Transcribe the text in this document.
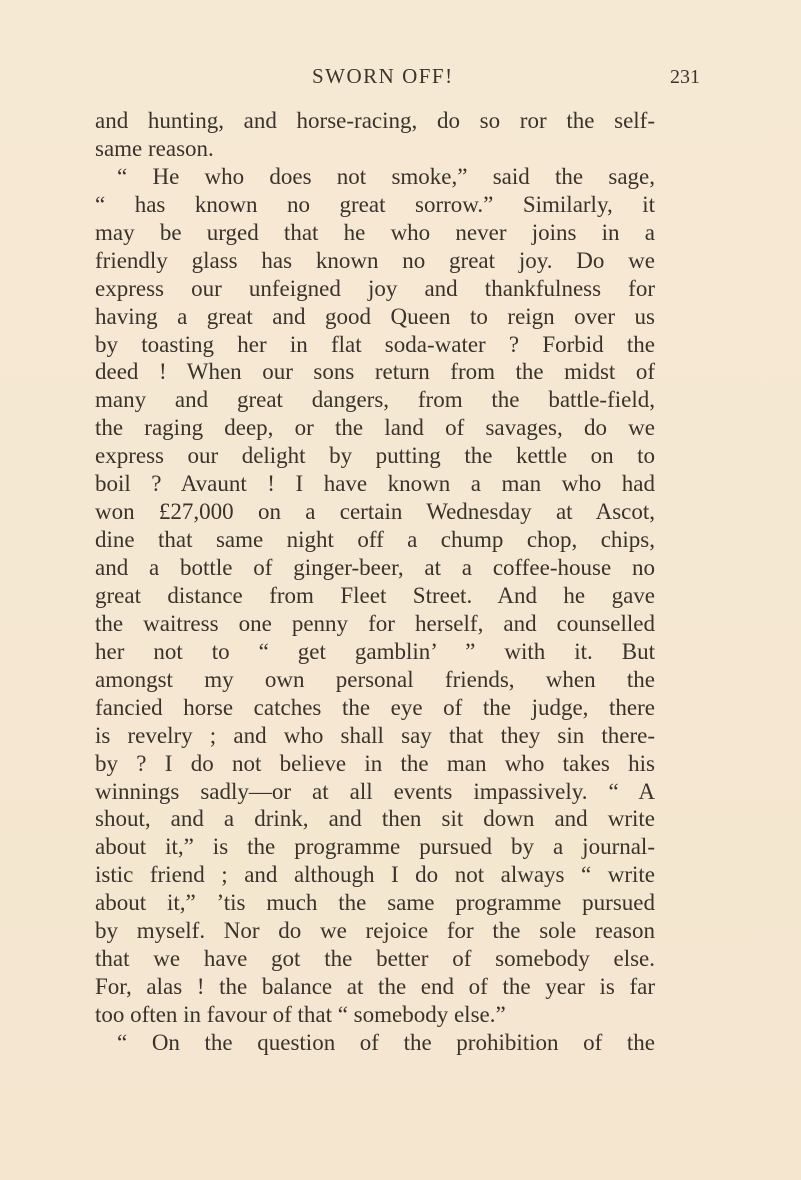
SWORN OFF!	231
and hunting, and horse-racing, do so ror the self-
same reason.
“ He who does not smoke,” said the sage,
“ has known no great sorrow.” Similarly, it
may be urged that he who never joins in a
friendly glass has known no great joy. Do we
express our unfeigned joy and thankfulness for
having a great and good Queen to reign over us
by toasting her in flat soda-water ? Forbid the
deed ! When our sons return from the midst of
many and great dangers, from the battle-field,
the raging deep, or the land of savages, do we
express our delight by putting the kettle on to
boil ? Avaunt ! I have known a man who had
won £27,000 on a certain Wednesday at Ascot,
dine that same night off a chump chop, chips,
and a bottle of ginger-beer, at a coffee-house no
great distance from Fleet Street. And he gave
the waitress one penny for herself, and counselled
her not to “ get gamblin’ ” with it. But
amongst my own personal friends, when the
fancied horse catches the eye of the judge, there
is revelry ; and who shall say that they sin there-
by ? I do not believe in the man who takes his
winnings sadly—or at all events impassively. “ A
shout, and a drink, and then sit down and write
about it,” is the programme pursued by a journal-
istic friend ; and although I do not always “ write
about it,” ’tis much the same programme pursued
by myself. Nor do we rejoice for the sole reason
that we have got the better of somebody else.
For, alas ! the balance at the end of the year is far
too often in favour of that “ somebody else.”
“ On the question of the prohibition of the
